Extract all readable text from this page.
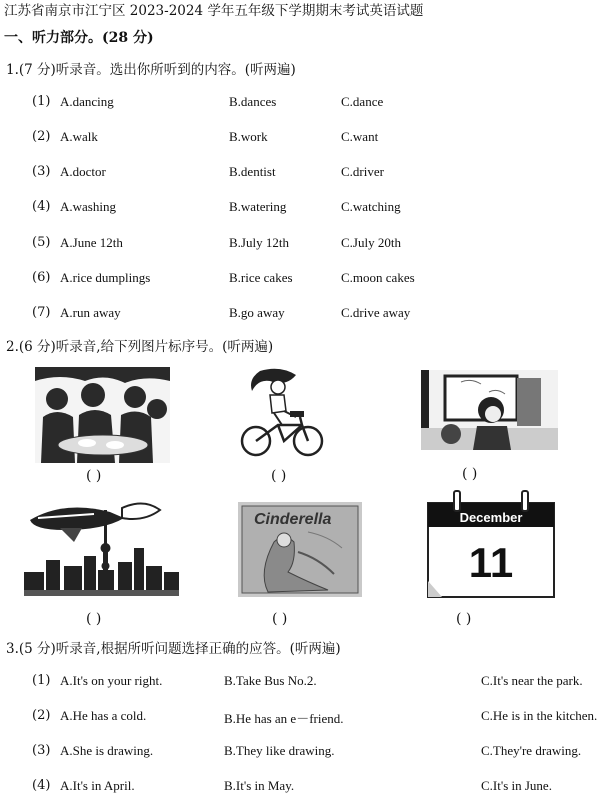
江苏省南京市江宁区 2023-2024 学年五年级下学期期末考试英语试题
一、听力部分。(28 分)
1.(7 分)听录音。选出你所听到的内容。(听两遍)
(1) A.dancing	B.dances	C.dance
(2) A.walk	B.work	C.want
(3) A.doctor	B.dentist	C.driver
(4) A.washing	B.watering	C.watching
(5) A.June 12th	B.July 12th	C.July 20th
(6) A.rice dumplings	B.rice cakes	C.moon cakes
(7) A.run away	B.go away	C.drive away
2.(6 分)听录音,给下列图片标序号。(听两遍)
( )	( )	( )
( )
Cinderella
( )
December
11
( )
3.(5 分)听录音,根据所听问题选择正确的应答。(听两遍)
(1) A.It's on your right.	B.Take Bus No.2.	C.It's near the park.
(2) A.He has a cold.	B.He has an e－friend.	C.He is in the kitchen.
(3) A.She is drawing.	B.They like drawing.	C.They're drawing.
(4) A.It's in April.	B.It's in May.	C.It's in June.
